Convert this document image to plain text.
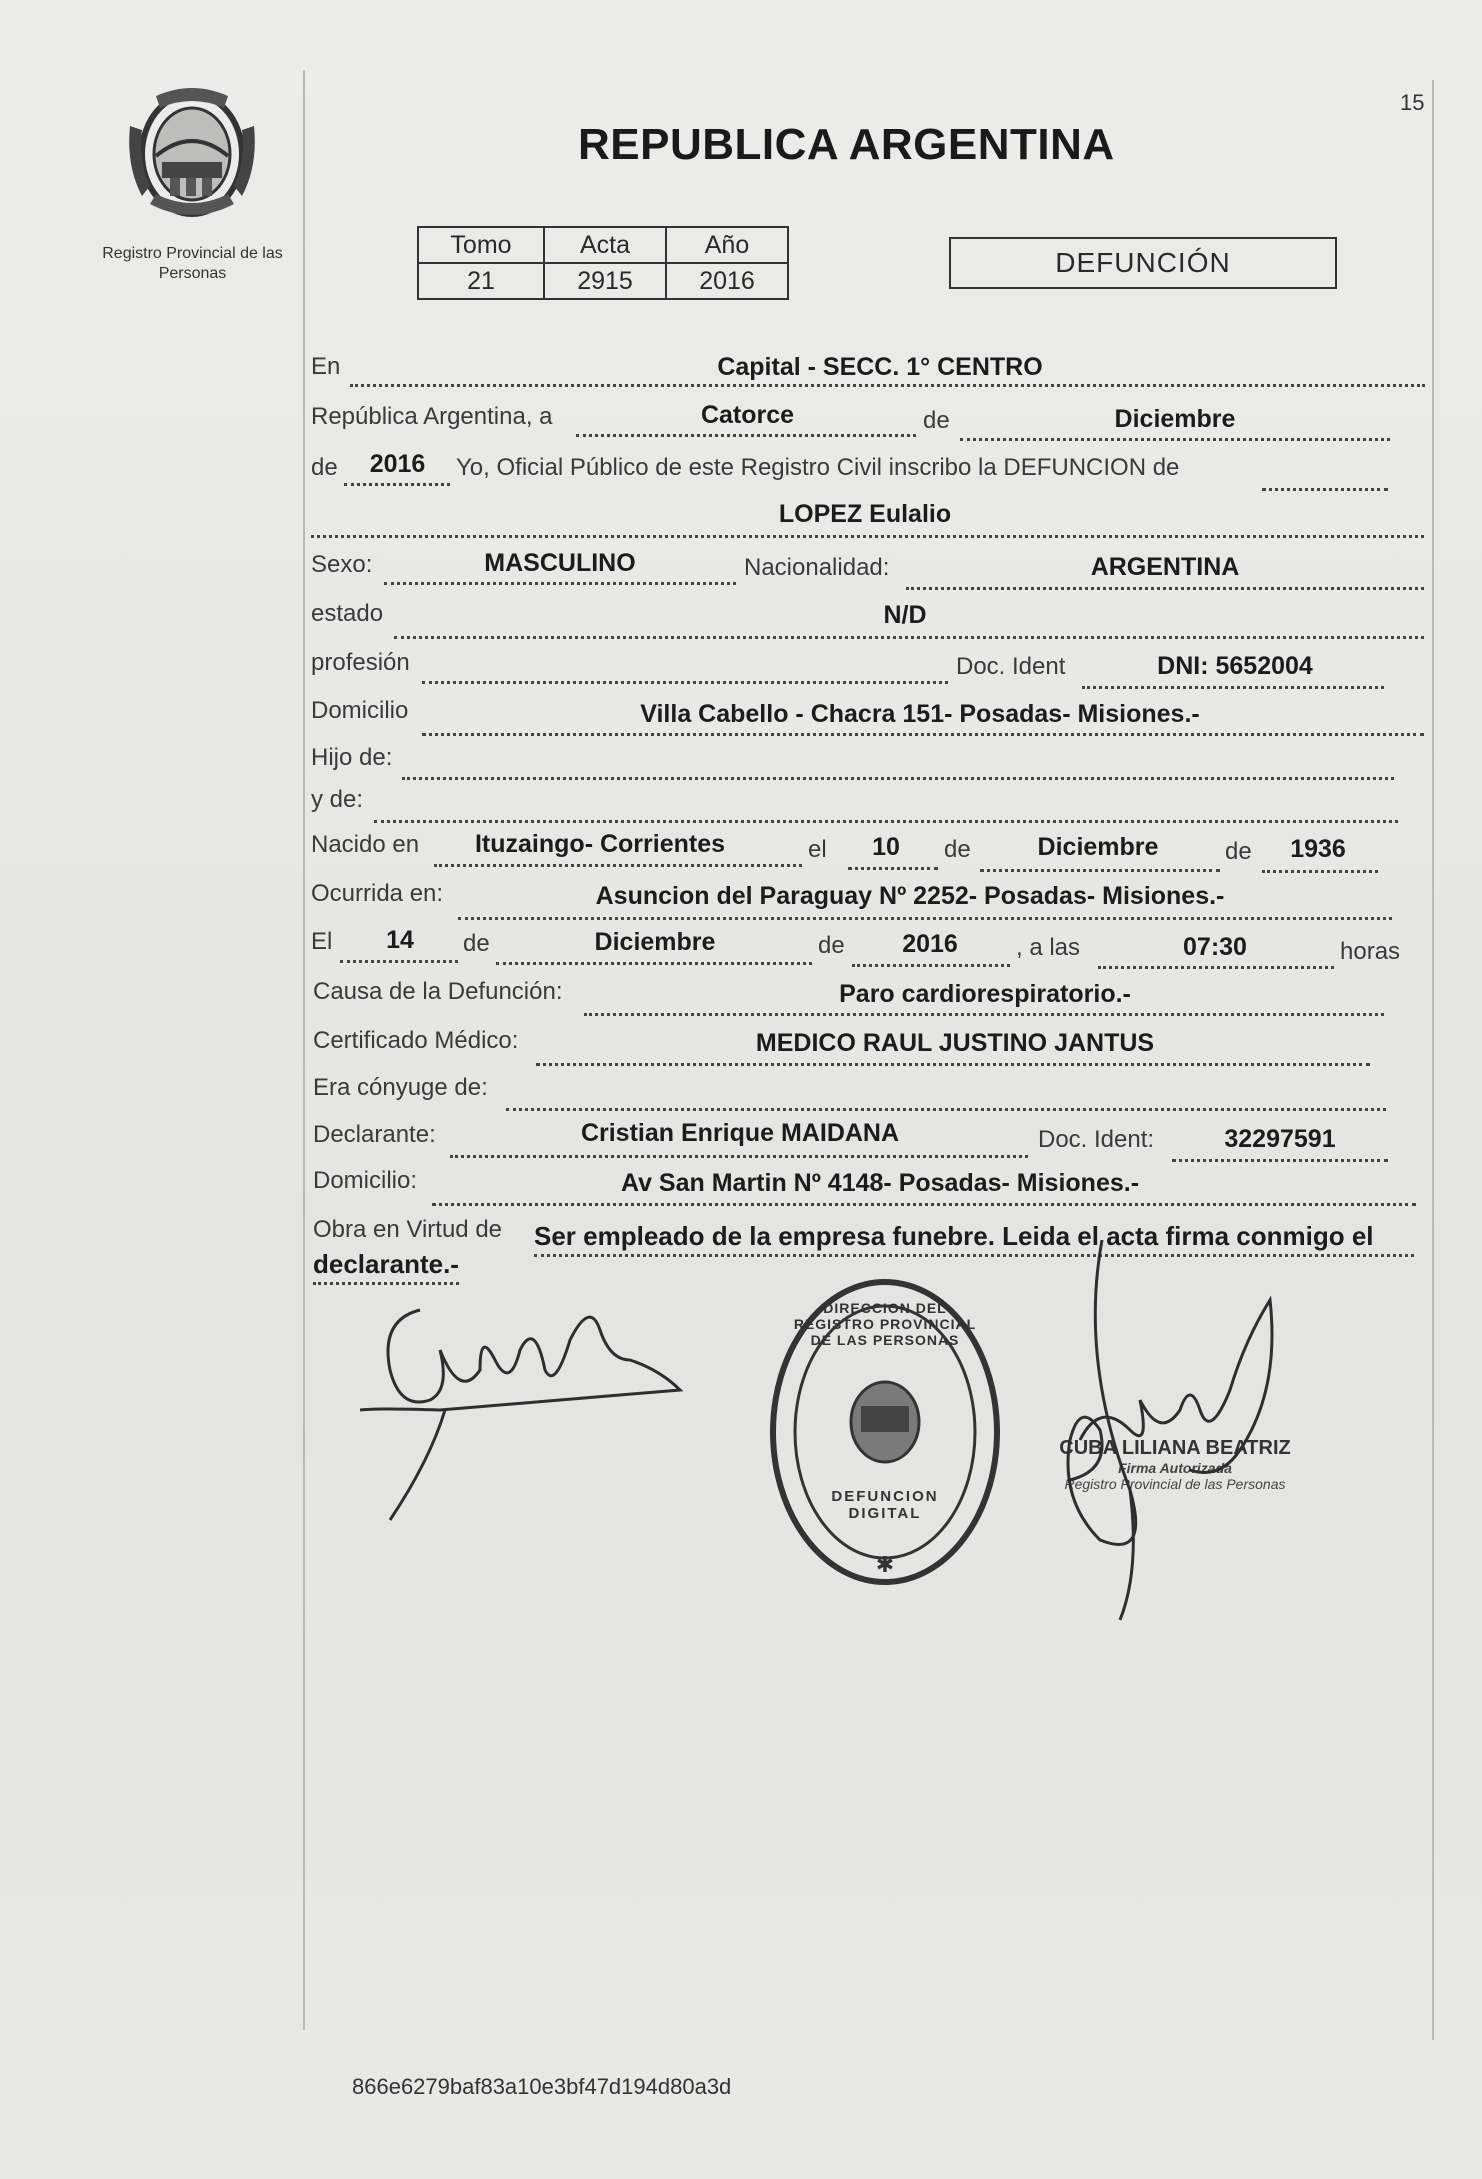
Registro Provincial de las Personas
15
REPUBLICA ARGENTINA
Tomo	Acta	Año
21	2915	2016
DEFUNCIÓN
En	Capital - SECC. 1° CENTRO
República Argentina, a	Catorce	de	Diciembre
de	2016	Yo, Oficial Público de este Registro Civil inscribo la DEFUNCION de
LOPEZ Eulalio
Sexo:	MASCULINO	Nacionalidad:	ARGENTINA
estado	N/D
profesión	Doc. Ident	DNI: 5652004
Domicilio	Villa Cabello - Chacra 151- Posadas- Misiones.-
Hijo de:
y de:
Nacido en	Ituzaingo- Corrientes	el	10	de	Diciembre	de	1936
Ocurrida en:	Asuncion del Paraguay Nº 2252- Posadas- Misiones.-
El	14	de	Diciembre	de	2016	, a las	07:30	horas
Causa de la Defunción:	Paro cardiorespiratorio.-
Certificado Médico:	MEDICO RAUL JUSTINO JANTUS
Era cónyuge de:
Declarante:	Cristian Enrique MAIDANA	Doc. Ident:	32297591
Domicilio:	Av San Martin Nº 4148- Posadas- Misiones.-
Obra en Virtud de Ser empleado de la empresa funebre. Leida el acta firma conmigo el
declarante.-
✱
DIRECCION DEL REGISTRO PROVINCIAL DE LAS PERSONAS
DEFUNCION DIGITAL
CUBA LILIANA BEATRIZ
Firma Autorizada
Registro Provincial de las Personas
866e6279baf83a10e3bf47d194d80a3d
